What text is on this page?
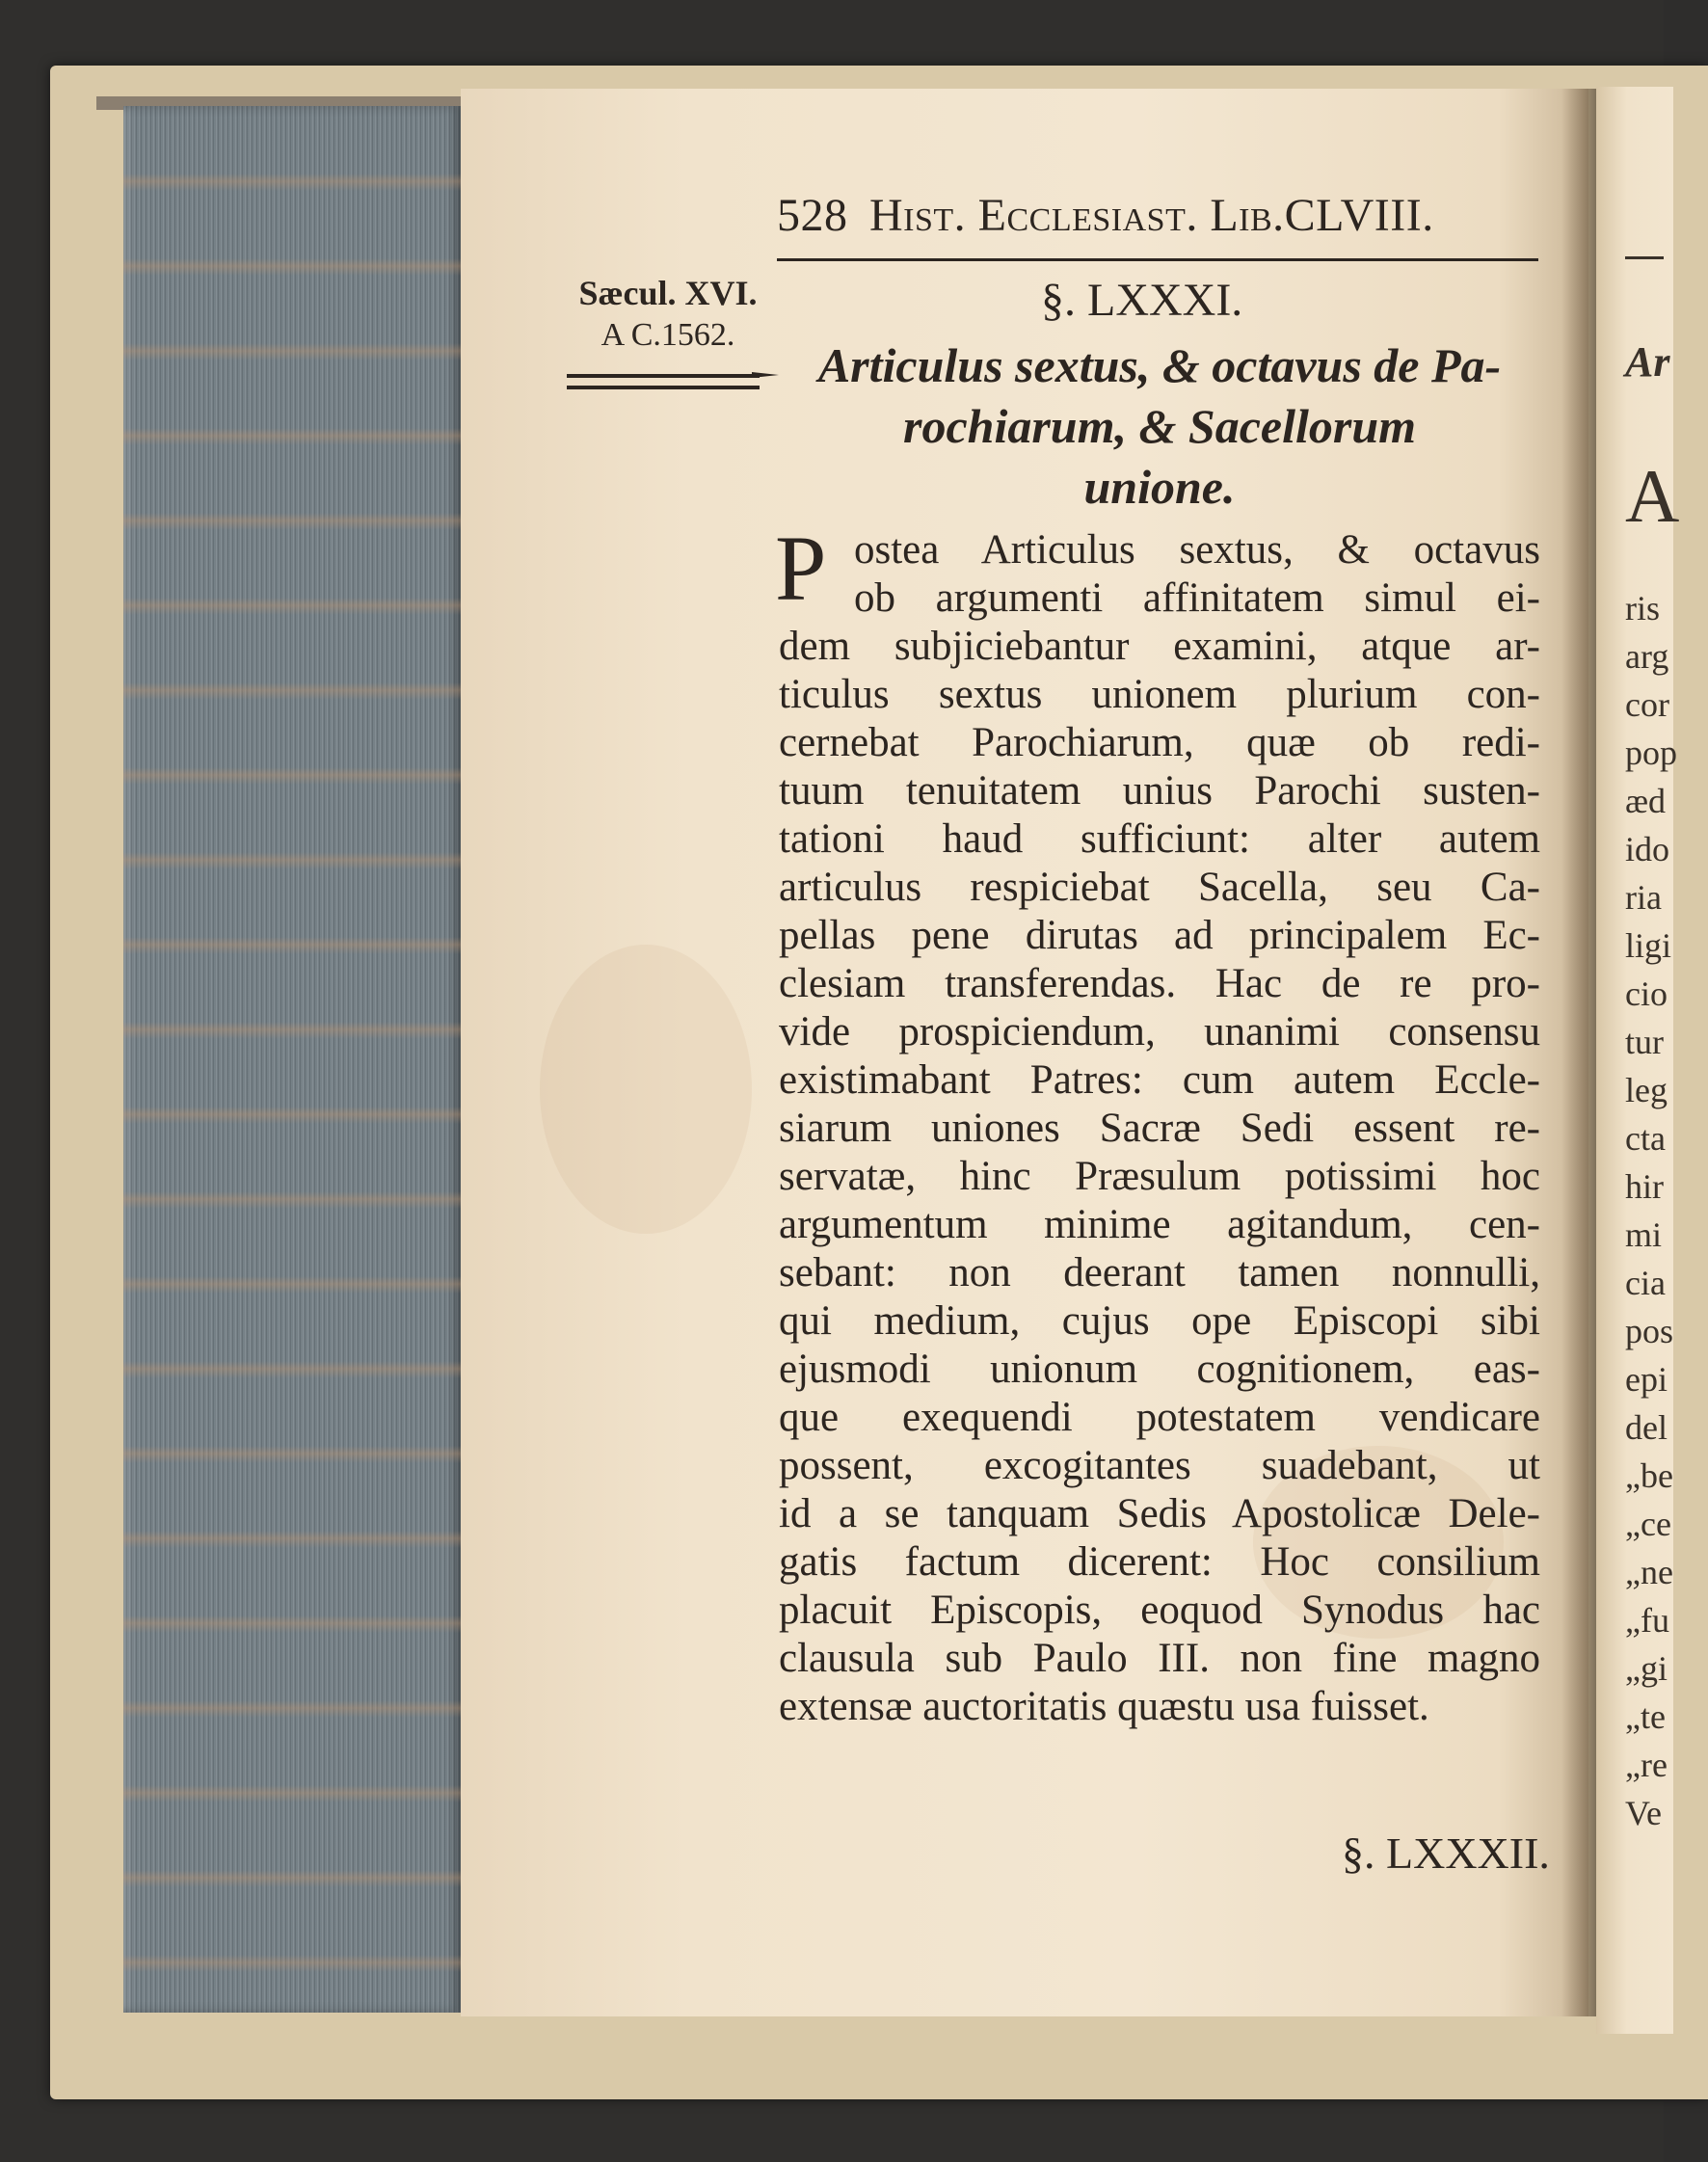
Ar
A
ris
arg
cor
pop
æd
ido
ria
ligi
cio
tur
leg
cta
hir
mi
cia
pos
epi
del
„be
„ce
„ne
„fu
„gi
„te
„re
Ve
528 Hist. Ecclesiast. Lib.CLVIII.
Sæcul. XVI.
A C.1562.
§. LXXXI.
Articulus sextus, & octavus de Pa-
rochiarum, & Sacellorum
unione.
P ostea Articulus sextus, & octavus
ob argumenti affinitatem simul ei-
dem subjiciebantur examini, atque ar-
ticulus sextus unionem plurium con-
cernebat Parochiarum, quæ ob redi-
tuum tenuitatem unius Parochi susten-
tationi haud sufficiunt: alter autem
articulus respiciebat Sacella, seu Ca-
pellas pene dirutas ad principalem Ec-
clesiam transferendas. Hac de re pro-
vide prospiciendum, unanimi consensu
existimabant Patres: cum autem Eccle-
siarum uniones Sacræ Sedi essent re-
servatæ, hinc Præsulum potissimi hoc
argumentum minime agitandum, cen-
sebant: non deerant tamen nonnulli,
qui medium, cujus ope Episcopi sibi
ejusmodi unionum cognitionem, eas-
que exequendi potestatem vendicare
possent, excogitantes suadebant, ut
id a se tanquam Sedis Apostolicæ Dele-
gatis factum dicerent: Hoc consilium
placuit Episcopis, eoquod Synodus hac
clausula sub Paulo III. non fine magno
extensæ auctoritatis quæstu usa fuisset.
§. LXXXII.
